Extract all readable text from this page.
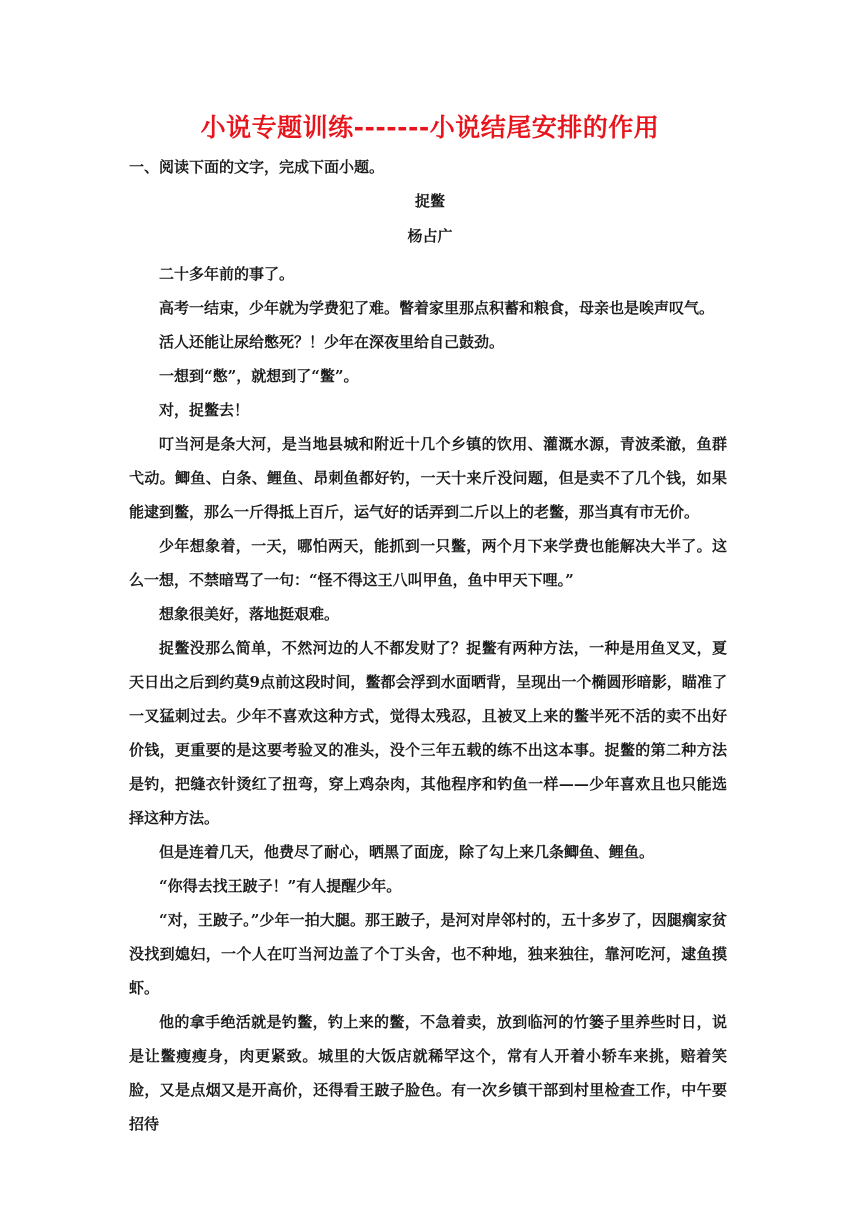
小说专题训练-------小说结尾安排的作用
一、阅读下面的文字，完成下面小题。
捉鳖
杨占广

二十多年前的事了。

高考一结束，少年就为学费犯了难。瞥着家里那点积蓄和粮食，母亲也是唉声叹气。

活人还能让尿给憋死？！少年在深夜里给自己鼓劲。

一想到“憋”，就想到了“鳖”。

对，捉鳖去！

叮当河是条大河，是当地县城和附近十几个乡镇的饮用、灌溉水源，青波柔澈，鱼群弋动。鲫鱼、白条、鲤鱼、昂刺鱼都好钓，一天十来斤没问题，但是卖不了几个钱，如果能逮到鳖，那么一斤得抵上百斤，运气好的话弄到二斤以上的老鳖，那当真有市无价。

少年想象着，一天，哪怕两天，能抓到一只鳖，两个月下来学费也能解决大半了。这么一想，不禁暗骂了一句：“怪不得这王八叫甲鱼，鱼中甲天下哩。”

想象很美好，落地挺艰难。

捉鳖没那么简单，不然河边的人不都发财了？捉鳖有两种方法，一种是用鱼叉叉，夏天日出之后到约莫9点前这段时间，鳖都会浮到水面晒背，呈现出一个椭圆形暗影，瞄准了一叉猛刺过去。少年不喜欢这种方式，觉得太残忍，且被叉上来的鳖半死不活的卖不出好价钱，更重要的是这要考验叉的准头，没个三年五载的练不出这本事。捉鳖的第二种方法是钓，把缝衣针烫红了扭弯，穿上鸡杂肉，其他程序和钓鱼一样——少年喜欢且也只能选择这种方法。

但是连着几天，他费尽了耐心，晒黑了面庞，除了勾上来几条鲫鱼、鲤鱼。

“你得去找王跛子！”有人提醒少年。

“对，王跛子。”少年一拍大腿。那王跛子，是河对岸邻村的，五十多岁了，因腿瘸家贫没找到媳妇，一个人在叮当河边盖了个丁头舍，也不种地，独来独往，靠河吃河，逮鱼摸虾。

他的拿手绝活就是钓鳖，钓上来的鳖，不急着卖，放到临河的竹篓子里养些时日，说是让鳖瘦瘦身，肉更紧致。城里的大饭店就稀罕这个，常有人开着小轿车来挑，赔着笑脸，又是点烟又是开高价，还得看王跛子脸色。有一次乡镇干部到村里检查工作，中午要招待
